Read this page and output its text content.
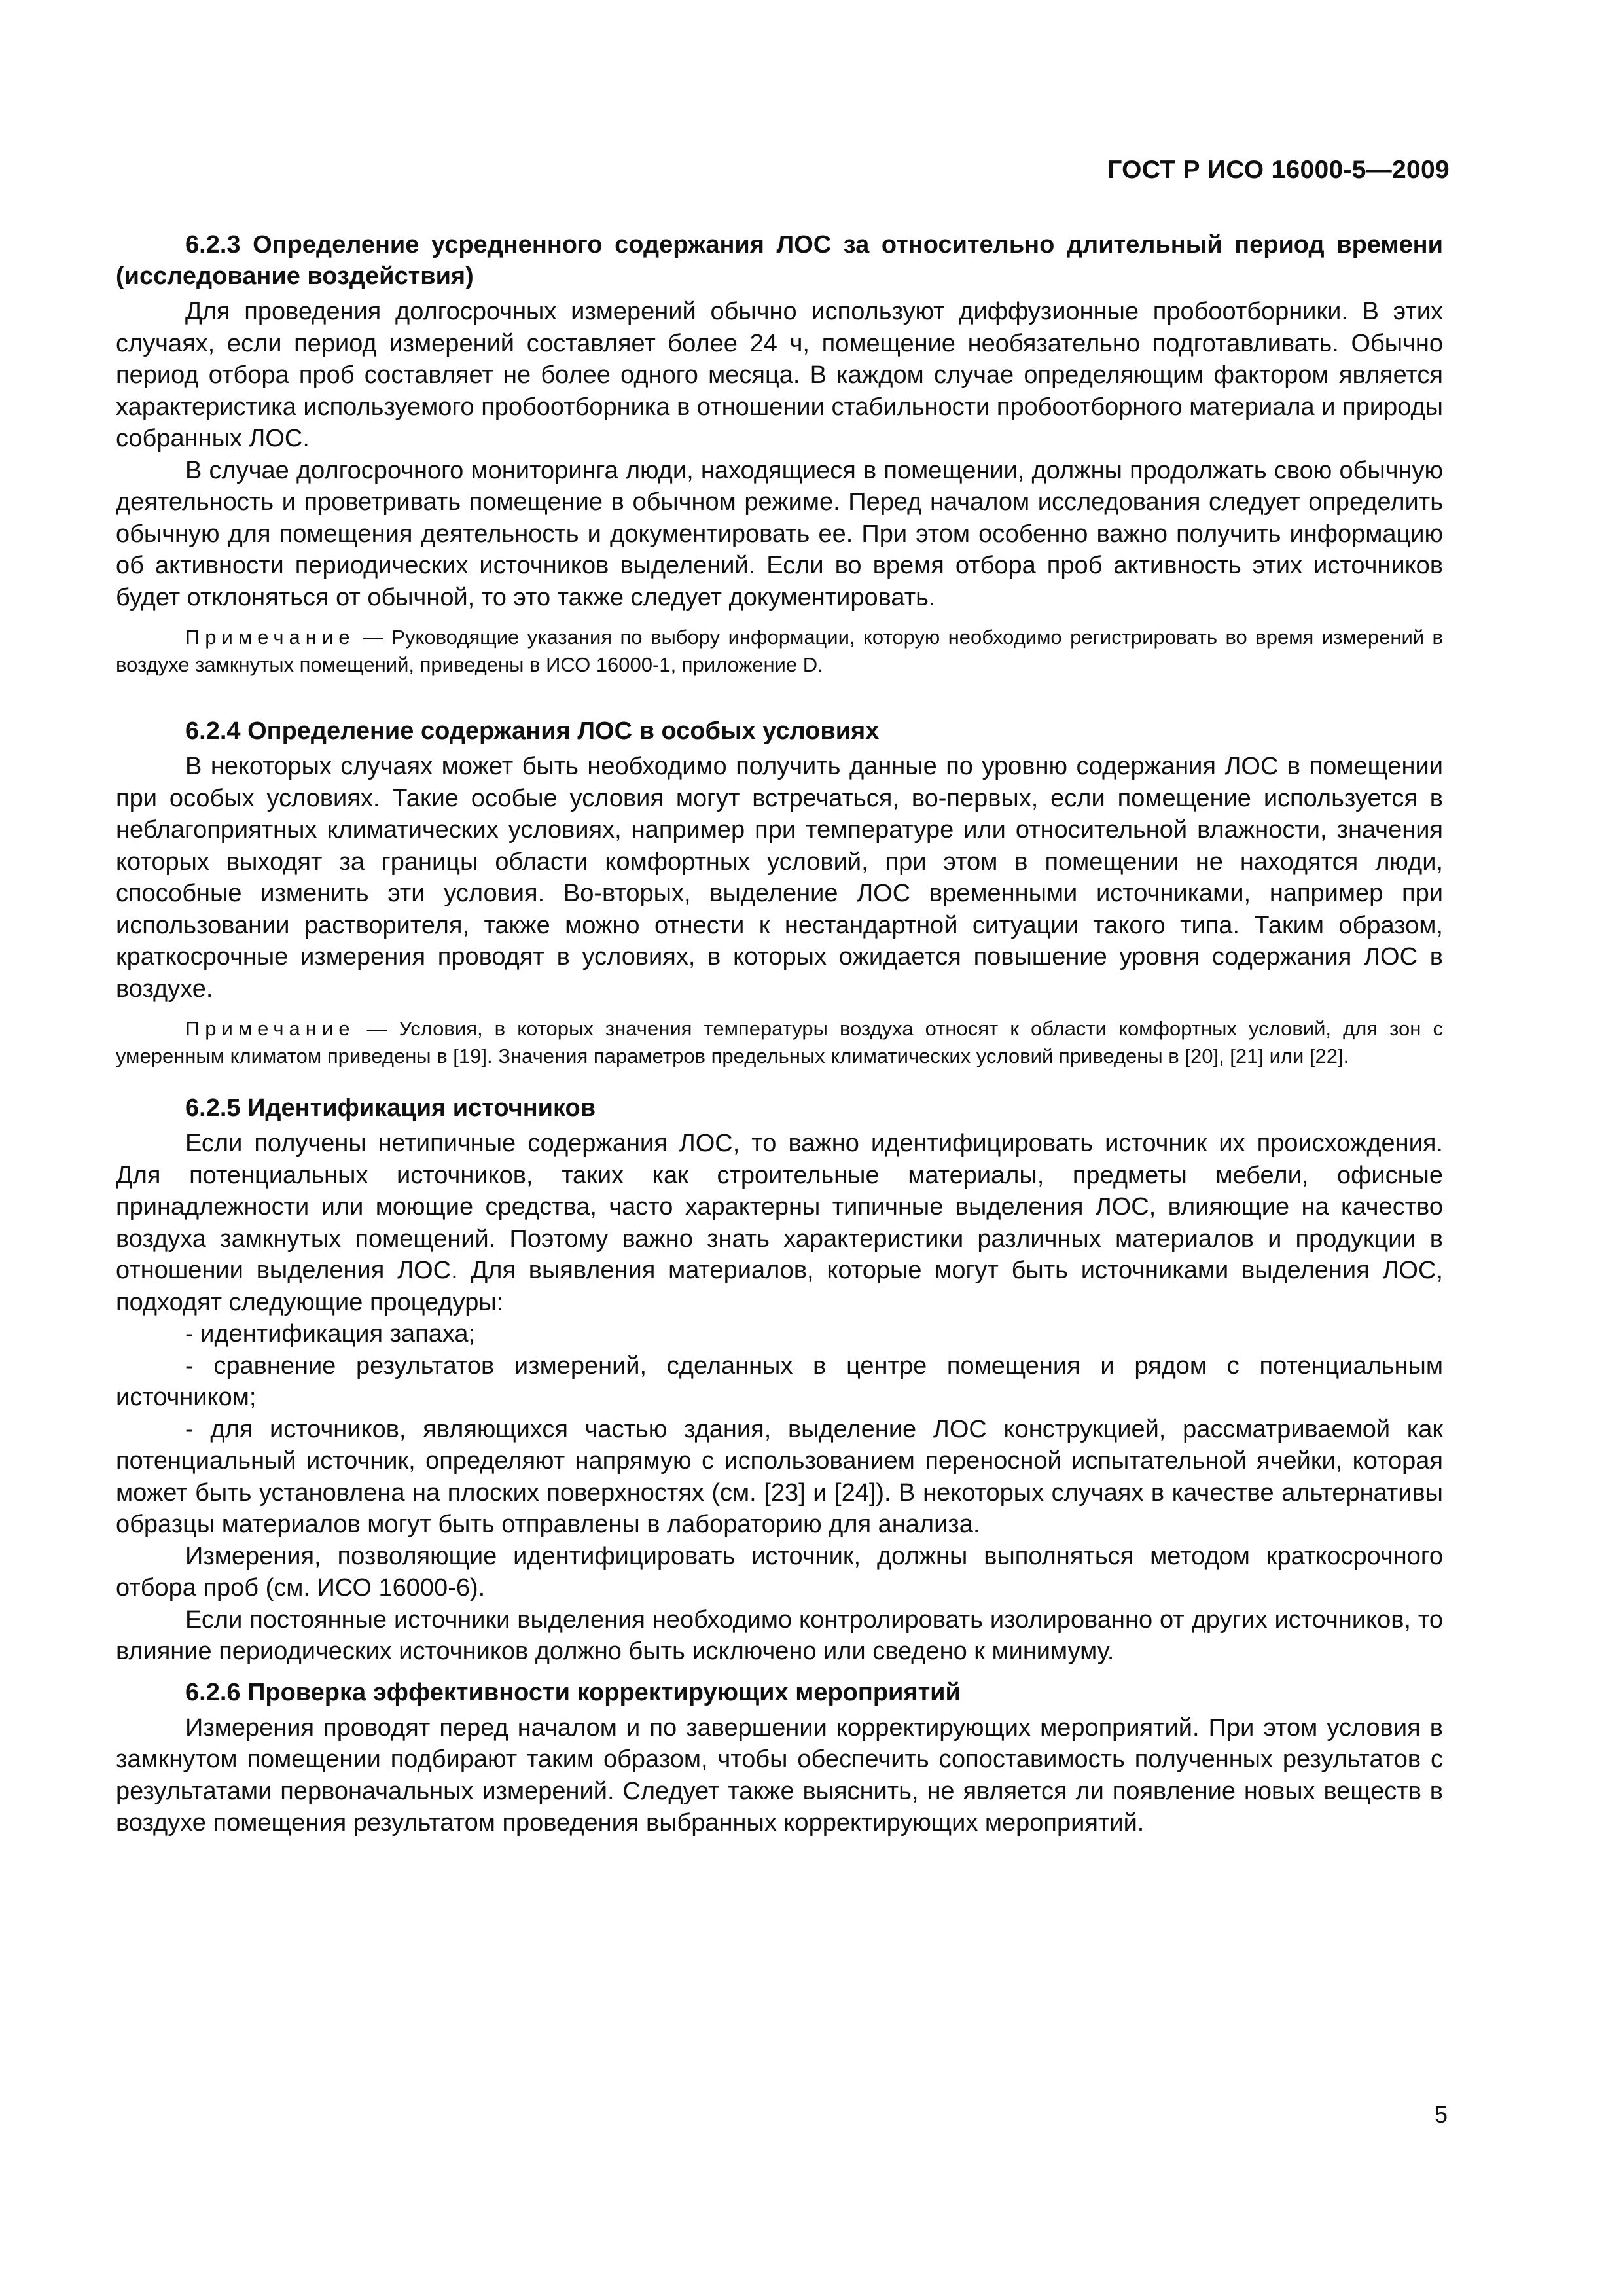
ГОСТ Р ИСО 16000-5—2009
6.2.3 Определение усредненного содержания ЛОС за относительно длительный период времени (исследование воздействия)

Для проведения долгосрочных измерений обычно используют диффузионные пробоотборники. В этих случаях, если период измерений составляет более 24 ч, помещение необязательно подготавливать. Обычно период отбора проб составляет не более одного месяца. В каждом случае определяющим фактором является характеристика используемого пробоотборника в отношении стабильности пробоотборного материала и природы собранных ЛОС.

В случае долгосрочного мониторинга люди, находящиеся в помещении, должны продолжать свою обычную деятельность и проветривать помещение в обычном режиме. Перед началом исследования следует определить обычную для помещения деятельность и документировать ее. При этом особенно важно получить информацию об активности периодических источников выделений. Если во время отбора проб активность этих источников будет отклоняться от обычной, то это также следует документировать.

Примечание — Руководящие указания по выбору информации, которую необходимо регистрировать во время измерений в воздухе замкнутых помещений, приведены в ИСО 16000-1, приложение D.

6.2.4 Определение содержания ЛОС в особых условиях

В некоторых случаях может быть необходимо получить данные по уровню содержания ЛОС в помещении при особых условиях. Такие особые условия могут встречаться, во-первых, если помещение используется в неблагоприятных климатических условиях, например при температуре или относительной влажности, значения которых выходят за границы области комфортных условий, при этом в помещении не находятся люди, способные изменить эти условия. Во-вторых, выделение ЛОС временными источниками, например при использовании растворителя, также можно отнести к нестандартной ситуации такого типа. Таким образом, краткосрочные измерения проводят в условиях, в которых ожидается повышение уровня содержания ЛОС в воздухе.

Примечание — Условия, в которых значения температуры воздуха относят к области комфортных условий, для зон с умеренным климатом приведены в [19]. Значения параметров предельных климатических условий приведены в [20], [21] или [22].

6.2.5 Идентификация источников

Если получены нетипичные содержания ЛОС, то важно идентифицировать источник их происхождения. Для потенциальных источников, таких как строительные материалы, предметы мебели, офисные принадлежности или моющие средства, часто характерны типичные выделения ЛОС, влияющие на качество воздуха замкнутых помещений. Поэтому важно знать характеристики различных материалов и продукции в отношении выделения ЛОС. Для выявления материалов, которые могут быть источниками выделения ЛОС, подходят следующие процедуры:

- идентификация запаха;

- сравнение результатов измерений, сделанных в центре помещения и рядом с потенциальным источником;

- для источников, являющихся частью здания, выделение ЛОС конструкцией, рассматриваемой как потенциальный источник, определяют напрямую с использованием переносной испытательной ячейки, которая может быть установлена на плоских поверхностях (см. [23] и [24]). В некоторых случаях в качестве альтернативы образцы материалов могут быть отправлены в лабораторию для анализа.

Измерения, позволяющие идентифицировать источник, должны выполняться методом краткосрочного отбора проб (см. ИСО 16000-6).

Если постоянные источники выделения необходимо контролировать изолированно от других источников, то влияние периодических источников должно быть исключено или сведено к минимуму.

6.2.6 Проверка эффективности корректирующих мероприятий

Измерения проводят перед началом и по завершении корректирующих мероприятий. При этом условия в замкнутом помещении подбирают таким образом, чтобы обеспечить сопоставимость полученных результатов с результатами первоначальных измерений. Следует также выяснить, не является ли появление новых веществ в воздухе помещения результатом проведения выбранных корректирующих мероприятий.

5
